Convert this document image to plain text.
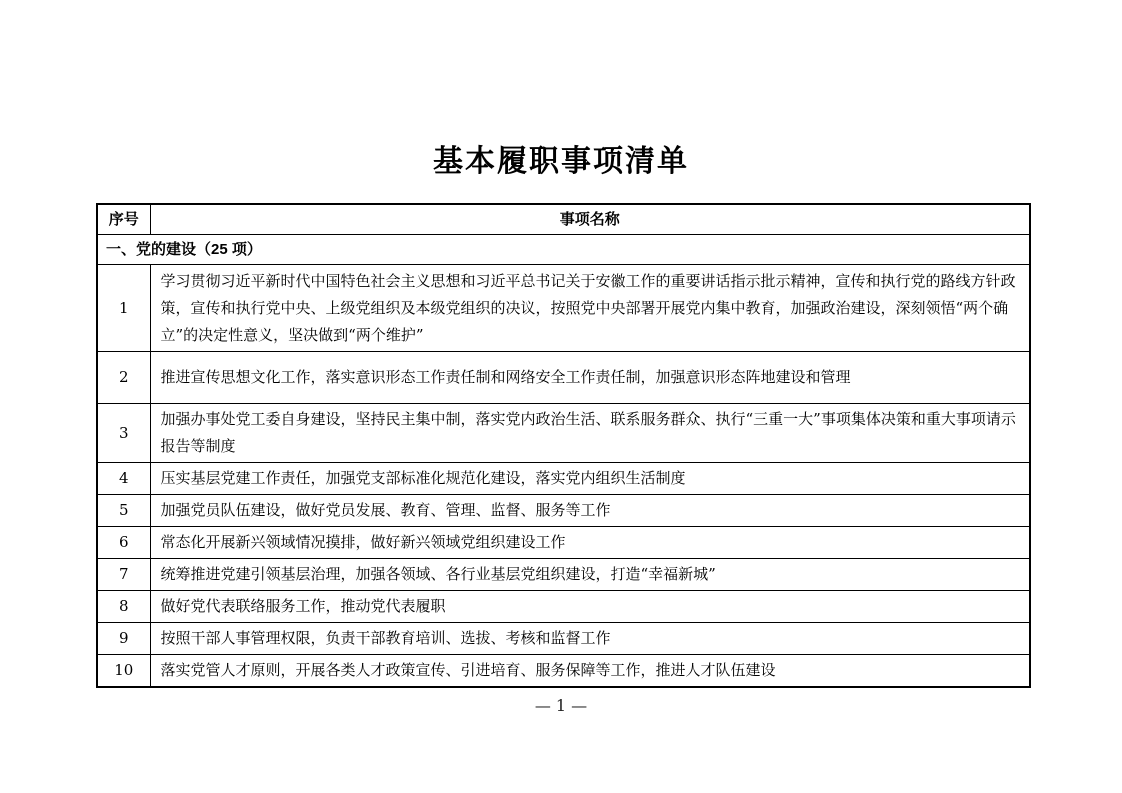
基本履职事项清单
序号	事项名称
一、党的建设（25 项）	
1	学习贯彻习近平新时代中国特色社会主义思想和习近平总书记关于安徽工作的重要讲话指示批示精神，宣传和执行党的路线方针政策，宣传和执行党中央、上级党组织及本级党组织的决议，按照党中央部署开展党内集中教育，加强政治建设，深刻领悟“两个确立”的决定性意义，坚决做到“两个维护”
2	推进宣传思想文化工作，落实意识形态工作责任制和网络安全工作责任制，加强意识形态阵地建设和管理
3	加强办事处党工委自身建设，坚持民主集中制，落实党内政治生活、联系服务群众、执行“三重一大”事项集体决策和重大事项请示报告等制度
4	压实基层党建工作责任，加强党支部标准化规范化建设，落实党内组织生活制度
5	加强党员队伍建设，做好党员发展、教育、管理、监督、服务等工作
6	常态化开展新兴领域情况摸排，做好新兴领域党组织建设工作
7	统筹推进党建引领基层治理，加强各领域、各行业基层党组织建设，打造“幸福新城”
8	做好党代表联络服务工作，推动党代表履职
9	按照干部人事管理权限，负责干部教育培训、选拔、考核和监督工作
10	落实党管人才原则，开展各类人才政策宣传、引进培育、服务保障等工作，推进人才队伍建设
— 1 —
